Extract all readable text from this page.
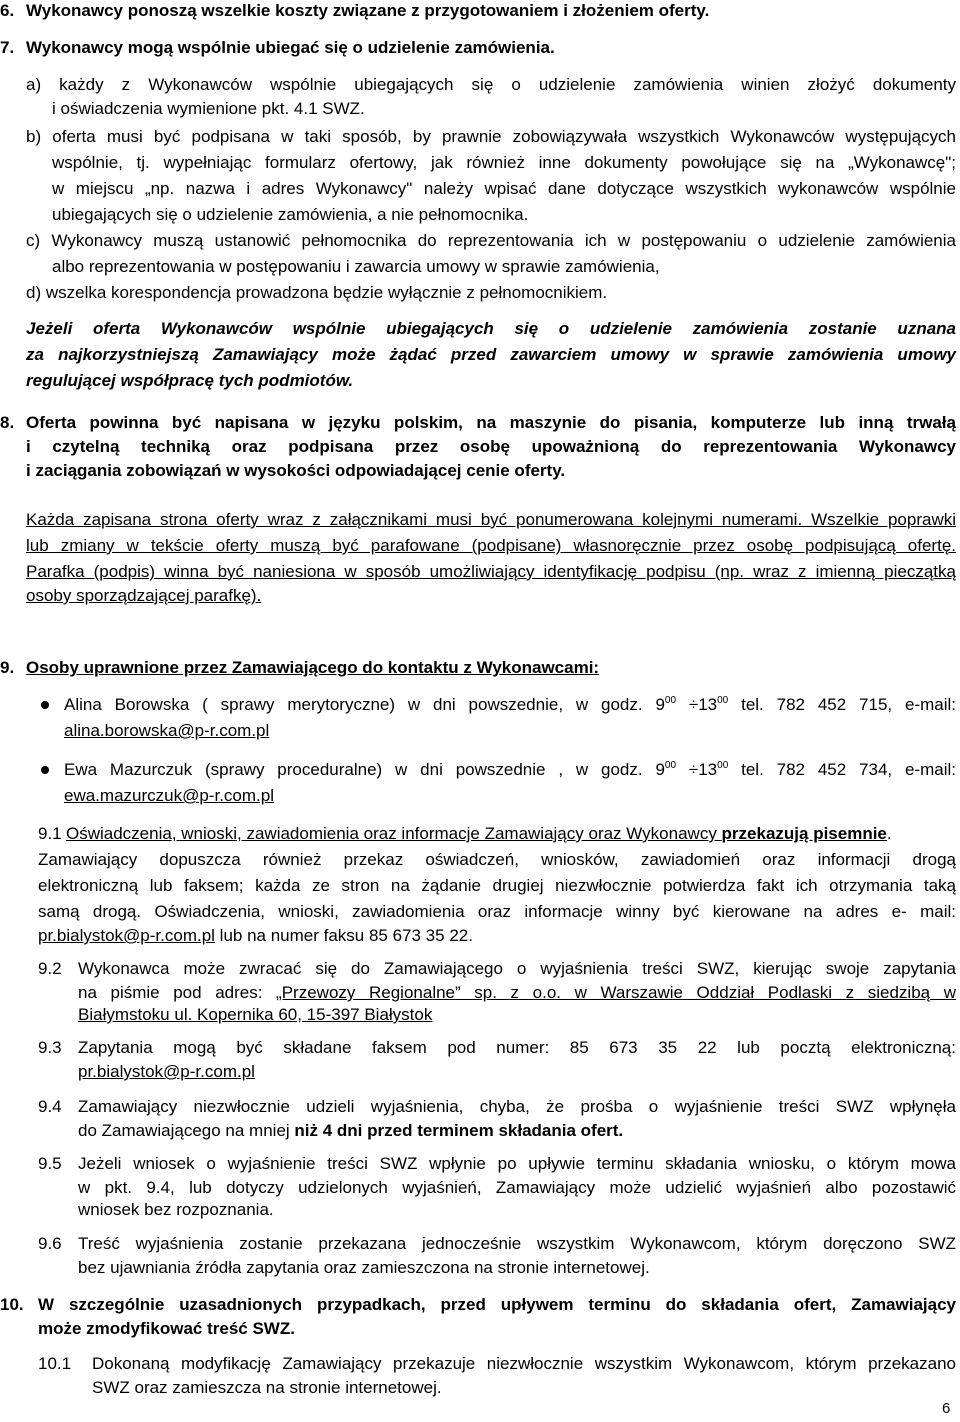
6. Wykonawcy ponoszą wszelkie koszty związane z przygotowaniem i złożeniem oferty.
7. Wykonawcy mogą wspólnie ubiegać się o udzielenie zamówienia.
a) każdy z Wykonawców wspólnie ubiegających się o udzielenie zamówienia winien złożyć dokumenty
i oświadczenia wymienione pkt. 4.1 SWZ.
b) oferta musi być podpisana w taki sposób, by prawnie zobowiązywała wszystkich Wykonawców występujących
wspólnie, tj. wypełniając formularz ofertowy, jak również inne dokumenty powołujące się na „Wykonawcę";
w miejscu „np. nazwa i adres Wykonawcy" należy wpisać dane dotyczące wszystkich wykonawców wspólnie
ubiegających się o udzielenie zamówienia, a nie pełnomocnika.
c) Wykonawcy muszą ustanowić pełnomocnika do reprezentowania ich w postępowaniu o udzielenie zamówienia
albo reprezentowania w postępowaniu i zawarcia umowy w sprawie zamówienia,
d) wszelka korespondencja prowadzona będzie wyłącznie z pełnomocnikiem.
Jeżeli oferta Wykonawców wspólnie ubiegających się o udzielenie zamówienia zostanie uznana
za najkorzystniejszą Zamawiający może żądać przed zawarciem umowy w sprawie zamówienia umowy
regulującej współpracę tych podmiotów.
8. Oferta powinna być napisana w języku polskim, na maszynie do pisania, komputerze lub inną trwałą
i czytelną techniką oraz podpisana przez osobę upoważnioną do reprezentowania Wykonawcy
i zaciągania zobowiązań w wysokości odpowiadającej cenie oferty.
Każda zapisana strona oferty wraz z załącznikami musi być ponumerowana kolejnymi numerami. Wszelkie poprawki
lub zmiany w tekście oferty muszą być parafowane (podpisane) własnoręcznie przez osobę podpisującą ofertę.
Parafka (podpis) winna być naniesiona w sposób umożliwiający identyfikację podpisu (np. wraz z imienną pieczątką
osoby sporządzającej parafkę).
9. Osoby uprawnione przez Zamawiającego do kontaktu z Wykonawcami:
Alina Borowska ( sprawy merytoryczne) w dni powszednie, w godz. $9^{00} \div 13^{00}$ tel. 782 452 715, e-mail:
alina.borowska@p-r.com.pl
Ewa Mazurczuk (sprawy proceduralne) w dni powszednie , w godz. $9^{00} \div 13^{00}$ tel. 782 452 734, e-mail:
ewa.mazurczuk@p-r.com.pl
9.1 Oświadczenia, wnioski, zawiadomienia oraz informacje Zamawiający oraz Wykonawcy przekazują pisemnie.
Zamawiający dopuszcza również przekaz oświadczeń, wniosków, zawiadomień oraz informacji drogą
elektroniczną lub faksem; każda ze stron na żądanie drugiej niezwłocznie potwierdza fakt ich otrzymania taką
samą drogą. Oświadczenia, wnioski, zawiadomienia oraz informacje winny być kierowane na adres e- mail:
pr.bialystok@p-r.com.pl lub na numer faksu 85 673 35 22.
9.2 Wykonawca może zwracać się do Zamawiającego o wyjaśnienia treści SWZ, kierując swoje zapytania
na piśmie pod adres: „Przewozy Regionalne” sp. z o.o. w Warszawie Oddział Podlaski z siedzibą w
Białymstoku ul. Kopernika 60, 15-397 Białystok
9.3 Zapytania mogą być składane faksem pod numer: 85 673 35 22 lub pocztą elektroniczną:
pr.bialystok@p-r.com.pl
9.4 Zamawiający niezwłocznie udzieli wyjaśnienia, chyba, że prośba o wyjaśnienie treści SWZ wpłynęła
do Zamawiającego na mniej niż 4 dni przed terminem składania ofert.
9.5 Jeżeli wniosek o wyjaśnienie treści SWZ wpłynie po upływie terminu składania wniosku, o którym mowa
w pkt. 9.4, lub dotyczy udzielonych wyjaśnień, Zamawiający może udzielić wyjaśnień albo pozostawić
wniosek bez rozpoznania.
9.6 Treść wyjaśnienia zostanie przekazana jednocześnie wszystkim Wykonawcom, którym doręczono SWZ
bez ujawniania źródła zapytania oraz zamieszczona na stronie internetowej.
10. W szczególnie uzasadnionych przypadkach, przed upływem terminu do składania ofert, Zamawiający
może zmodyfikować treść SWZ.
10.1 Dokonaną modyfikację Zamawiający przekazuje niezwłocznie wszystkim Wykonawcom, którym przekazano
SWZ oraz zamieszcza na stronie internetowej.
6
